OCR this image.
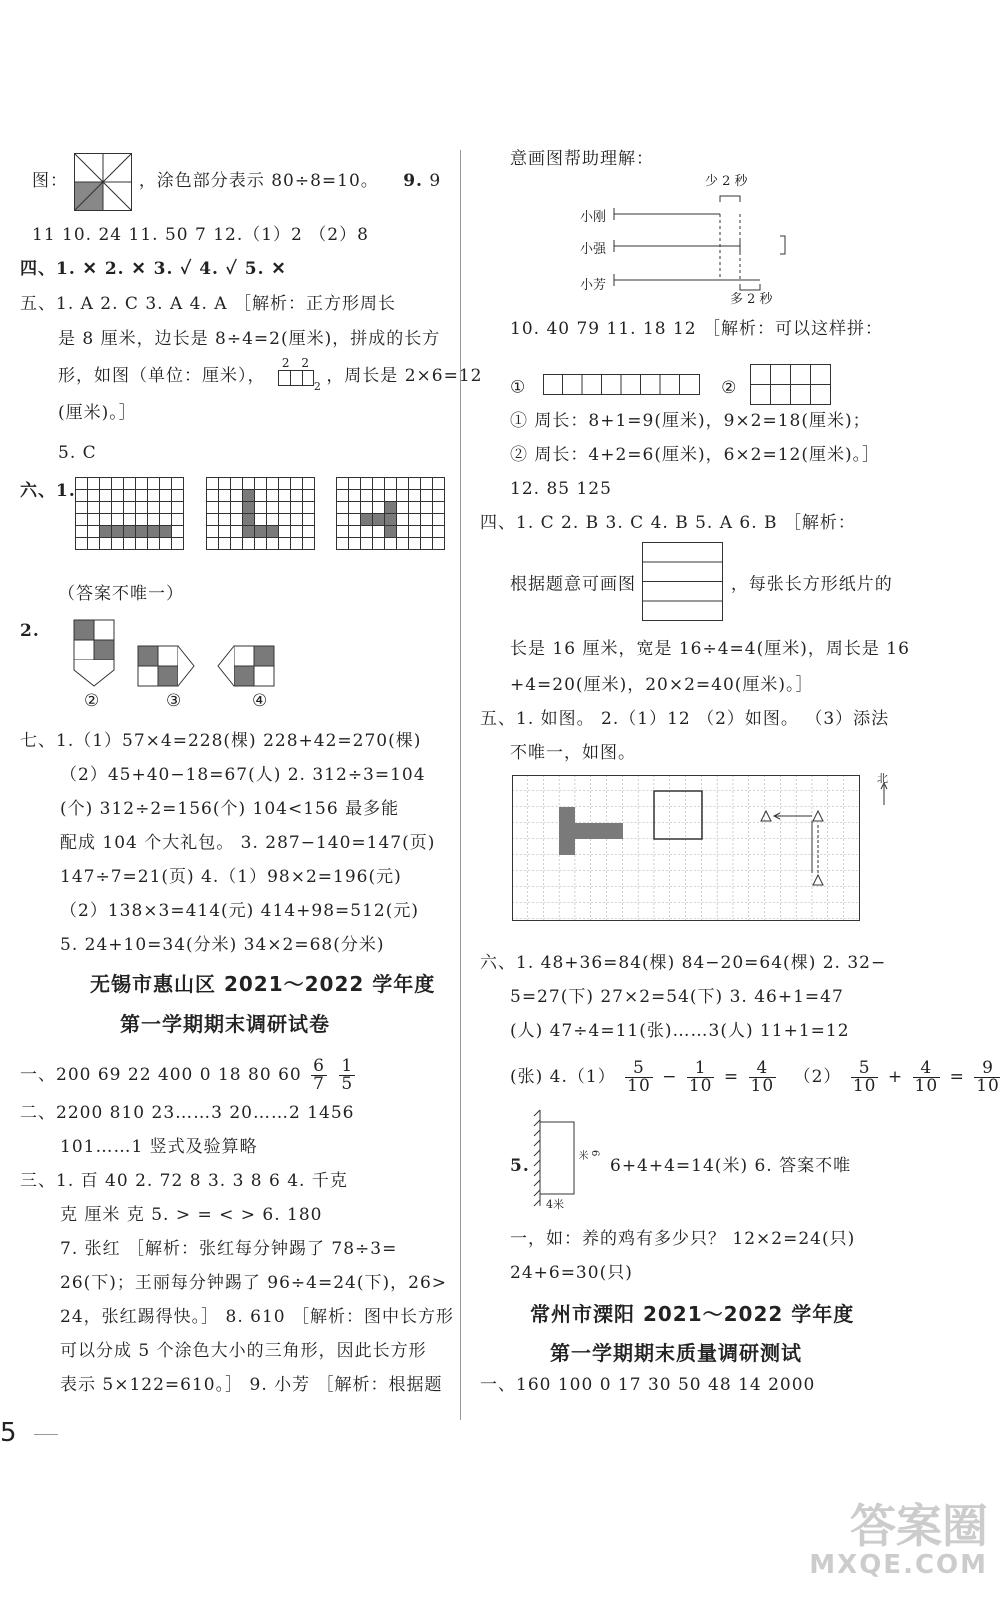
图：	，涂色部分表示 80÷8=10。 9. 9
11 10. 24 11. 50 7 12.（1）2 （2）8
四、1. ✕ 2. ✕ 3. ✓ 4. ✓ 5. ✕
五、1. A 2. C 3. A 4. A ［解析：正方形周长
是 8 厘米，边长是 8÷4=2(厘米)，拼成的长方
形，如图（单位：厘米），
2 2
2 ，周长是 2×6=12
(厘米)。］
5. C
六、1.
（答案不唯一）
2.
②	③	④
七、1.（1）57×4=228(棵) 228+42=270(棵)
（2）45+40−18=67(人) 2. 312÷3=104
(个) 312÷2=156(个) 104<156 最多能
配成 104 个大礼包。 3. 287−140=147(页)
147÷7=21(页) 4.（1）98×2=196(元)
（2）138×3=414(元) 414+98=512(元)
5. 24+10=34(分米) 34×2=68(分米)
无锡市惠山区 2021～2022 学年度
第一学期期末调研试卷
一、200 69 22 400 0 18 80 $60 \frac{6}{7}$
$\frac{1}{5}$
二、2200 810 23……3 20……2 1456
101……1 竖式及验算略
三、1. 百 40 2. 72 8 3. 3 8 6 4. 千克
克 厘米 克 5. > = < > 6. 180
7. 张红 ［解析：张红每分钟踢了 78÷3=
26(下)；王丽每分钟踢了 96÷4=24(下)，26>
24，张红踢得快。］ 8. 610 ［解析：图中长方形
可以分成 5 个涂色大小的三角形，因此长方形
表示 5×122=610。］ 9. 小芳 ［解析：根据题
意画图帮助理解：
少 2 秒
小刚
小强
小芳
多 2 秒
10. 40 79 11. 18 12 ［解析：可以这样拼：
①	②
① 周长：8+1=9(厘米)，9×2=18(厘米)；
② 周长：4+2=6(厘米)，6×2=12(厘米)。］
12. 85 125
四、1. C 2. B 3. C 4. B 5. A 6. B ［解析：
根据题意可画图	，每张长方形纸片的
长是 16 厘米，宽是 16÷4=4(厘米)，周长是 16
+4=20(厘米)，20×2=40(厘米)。］
五、1. 如图。 2.（1）12 （2）如图。 （3）添法
不唯一，如图。
北
六、1. 48+36=84(棵) 84−20=64(棵) 2. 32−
5=27(下) 27×2=54(下) 3. 46+1=47
(人) 47÷4=11(张)……3(人) 11+1=12
(张) $4.(1) \frac{5}{10} - \frac{1}{10} = \frac{4}{10} (2) \frac{5}{10} + \frac{4}{10} = \frac{9}{10}$
5.
6米
4米
6+4+4=14(米) 6. 答案不唯
一，如：养的鸡有多少只？ 12×2=24(只)
24+6=30(只)
常州市溧阳 2021～2022 学年度
第一学期期末质量调研测试
一、160 100 0 17 30 50 48 14 2000
5
答案圈
MXQE.COM
